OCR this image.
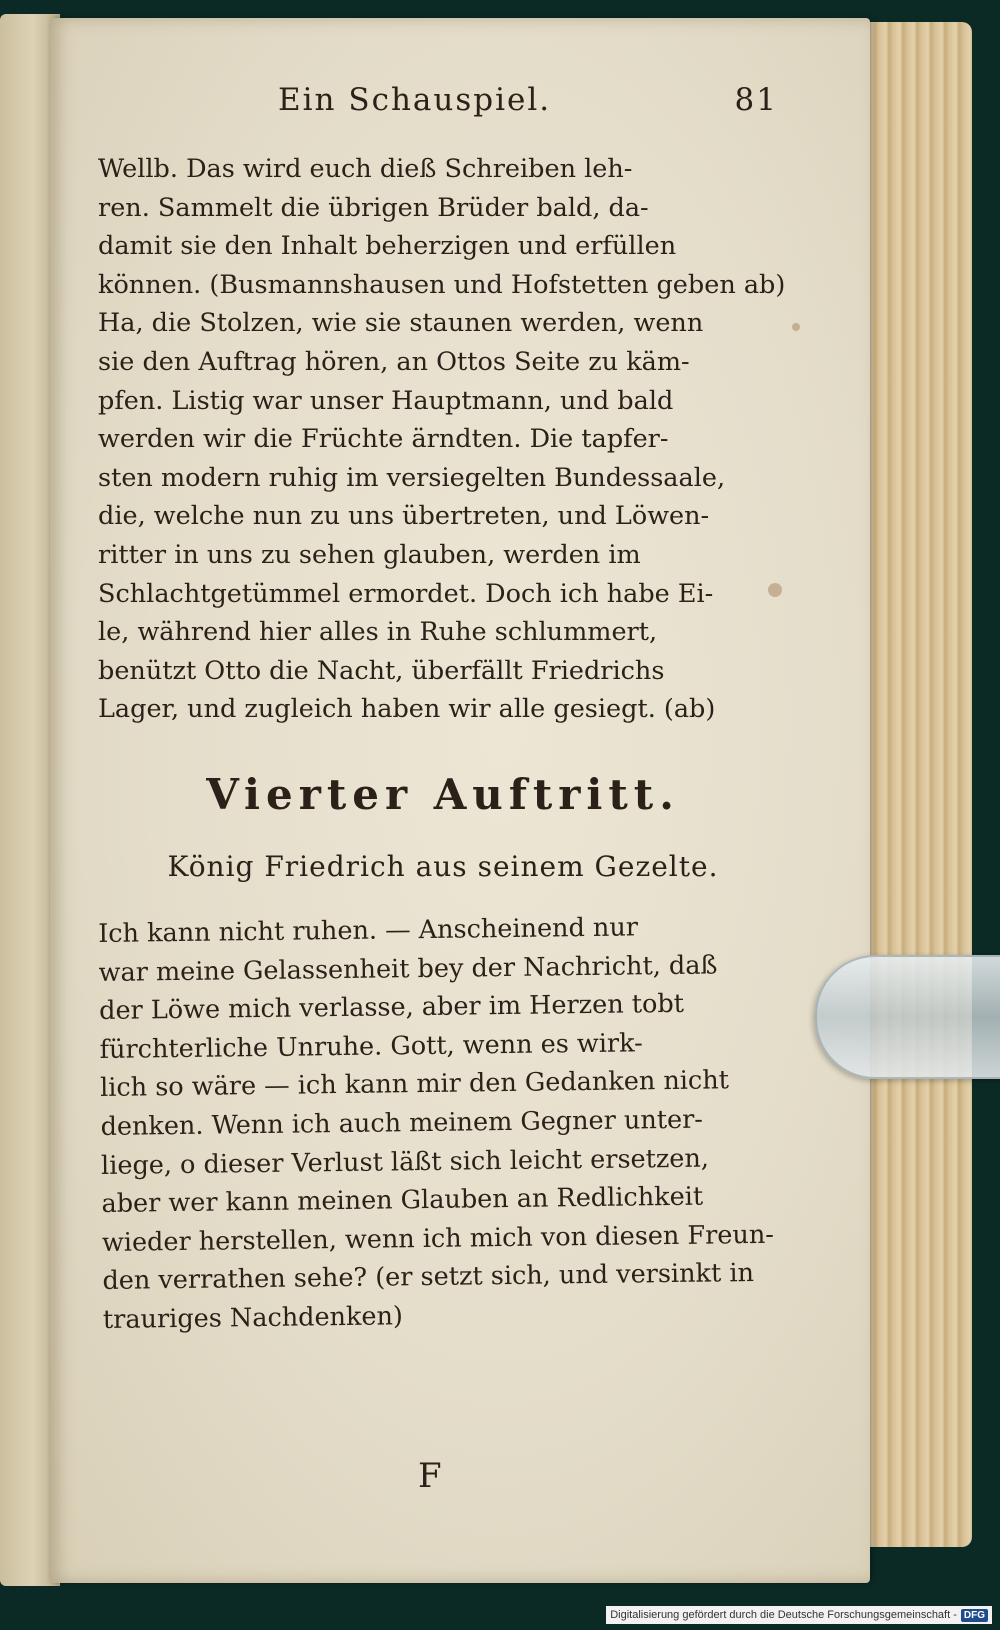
Ein Schauspiel.	81
Wellb. Das wird euch dieß Schreiben leh-
ren. Sammelt die übrigen Brüder bald, da-
damit sie den Inhalt beherzigen und erfüllen
können. (Busmannshausen und Hofstetten geben ab)
Ha, die Stolzen, wie sie staunen werden, wenn
sie den Auftrag hören, an Ottos Seite zu käm-
pfen. Listig war unser Hauptmann, und bald
werden wir die Früchte ärndten. Die tapfer-
sten modern ruhig im versiegelten Bundessaale,
die, welche nun zu uns übertreten, und Löwen-
ritter in uns zu sehen glauben, werden im
Schlachtgetümmel ermordet. Doch ich habe Ei-
le, während hier alles in Ruhe schlummert,
benützt Otto die Nacht, überfällt Friedrichs
Lager, und zugleich haben wir alle gesiegt. (ab)
Vierter Auftritt.
König Friedrich aus seinem Gezelte.
Ich kann nicht ruhen. — Anscheinend nur
war meine Gelassenheit bey der Nachricht, daß
der Löwe mich verlasse, aber im Herzen tobt
fürchterliche Unruhe. Gott, wenn es wirk-
lich so wäre — ich kann mir den Gedanken nicht
denken. Wenn ich auch meinem Gegner unter-
liege, o dieser Verlust läßt sich leicht ersetzen,
aber wer kann meinen Glauben an Redlichkeit
wieder herstellen, wenn ich mich von diesen Freun-
den verrathen sehe? (er setzt sich, und versinkt in
trauriges Nachdenken)
F
Digitalisierung gefördert durch die Deutsche Forschungsgemeinschaft - DFG
